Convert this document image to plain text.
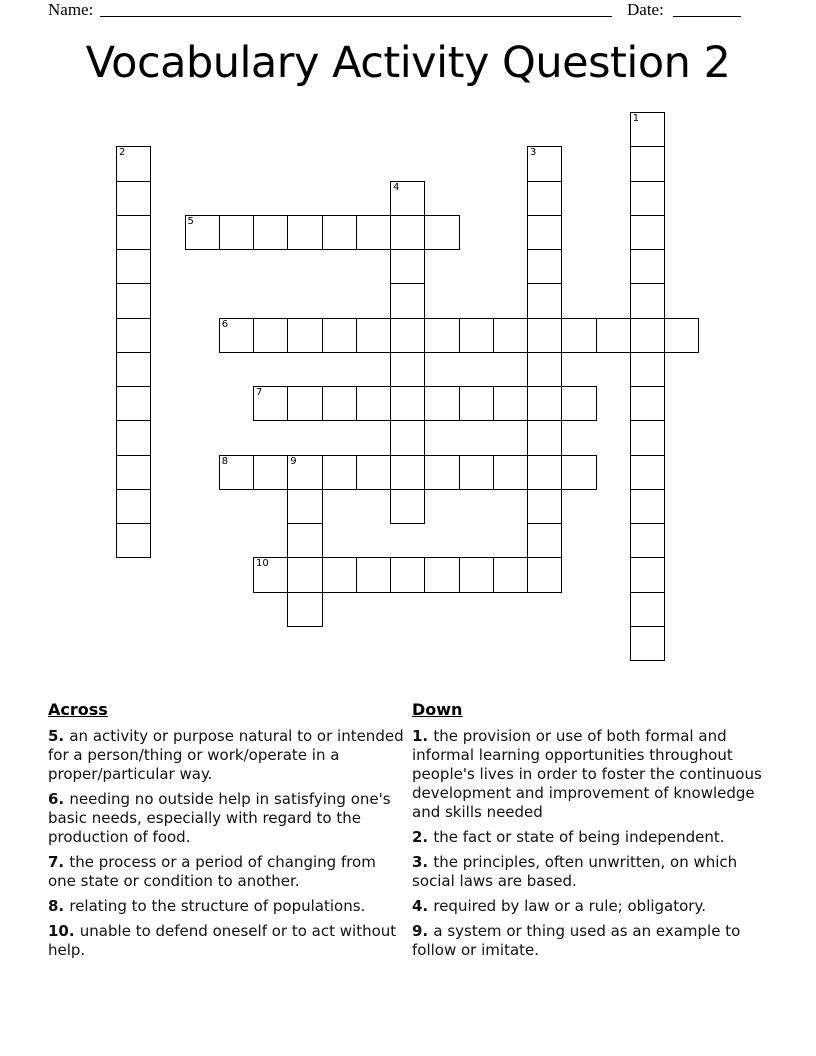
Name:	Date:
Vocabulary Activity Question 2
1
2	3
4
5
6
7
8	9
10
Across

5. an activity or purpose natural to or intended for a person/thing or work/operate in a proper/particular way.

6. needing no outside help in satisfying one's basic needs, especially with regard to the production of food.

7. the process or a period of changing from one state or condition to another.

8. relating to the structure of populations.

10. unable to defend oneself or to act without help.

Down

1. the provision or use of both formal and informal learning opportunities throughout people's lives in order to foster the continuous development and improvement of knowledge and skills needed

2. the fact or state of being independent.

3. the principles, often unwritten, on which social laws are based.

4. required by law or a rule; obligatory.

9. a system or thing used as an example to follow or imitate.
